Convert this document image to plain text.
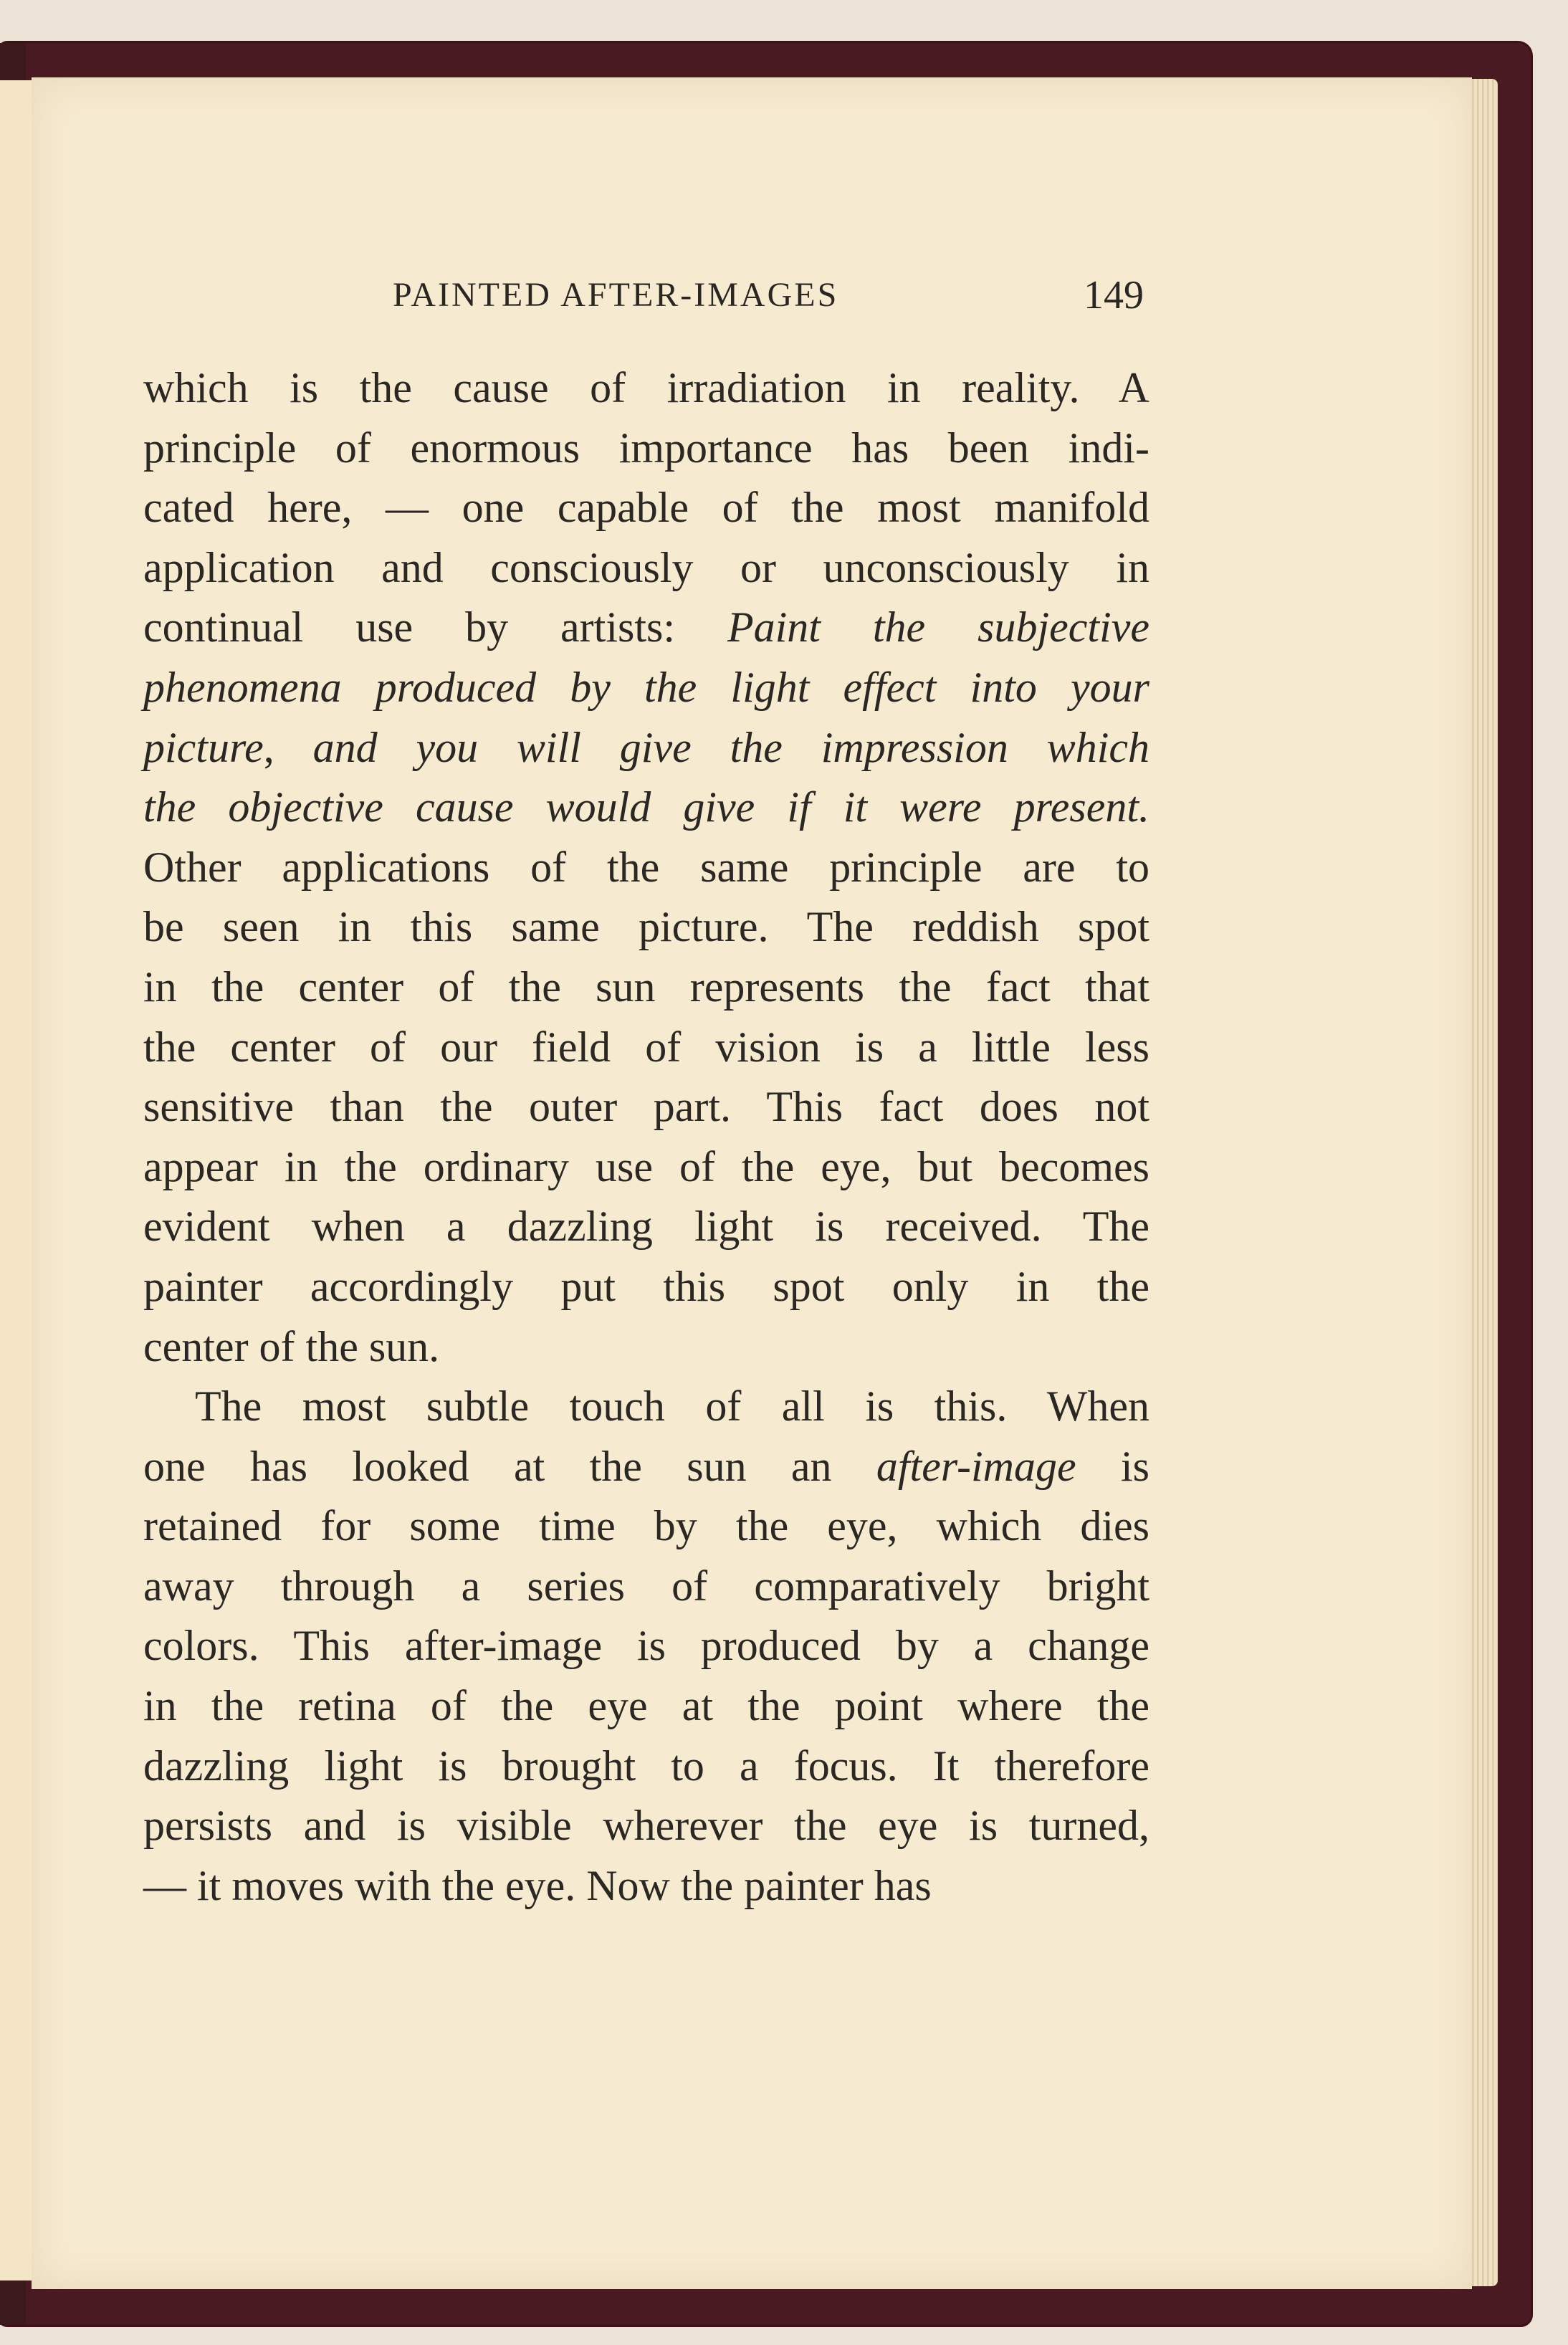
PAINTED AFTER-IMAGES	149
which is the cause of irradiation in reality. A
principle of enormous importance has been indi-
cated here, — one capable of the most manifold
application and consciously or unconsciously in
continual use by artists: Paint the subjective
phenomena produced by the light effect into your
picture, and you will give the impression which
the objective cause would give if it were present.
Other applications of the same principle are to
be seen in this same picture. The reddish spot
in the center of the sun represents the fact that
the center of our field of vision is a little less
sensitive than the outer part. This fact does not
appear in the ordinary use of the eye, but becomes
evident when a dazzling light is received. The
painter accordingly put this spot only in the
center of the sun.
The most subtle touch of all is this. When
one has looked at the sun an after-image is
retained for some time by the eye, which dies
away through a series of comparatively bright
colors. This after-image is produced by a change
in the retina of the eye at the point where the
dazzling light is brought to a focus. It therefore
persists and is visible wherever the eye is turned,
— it moves with the eye. Now the painter has
